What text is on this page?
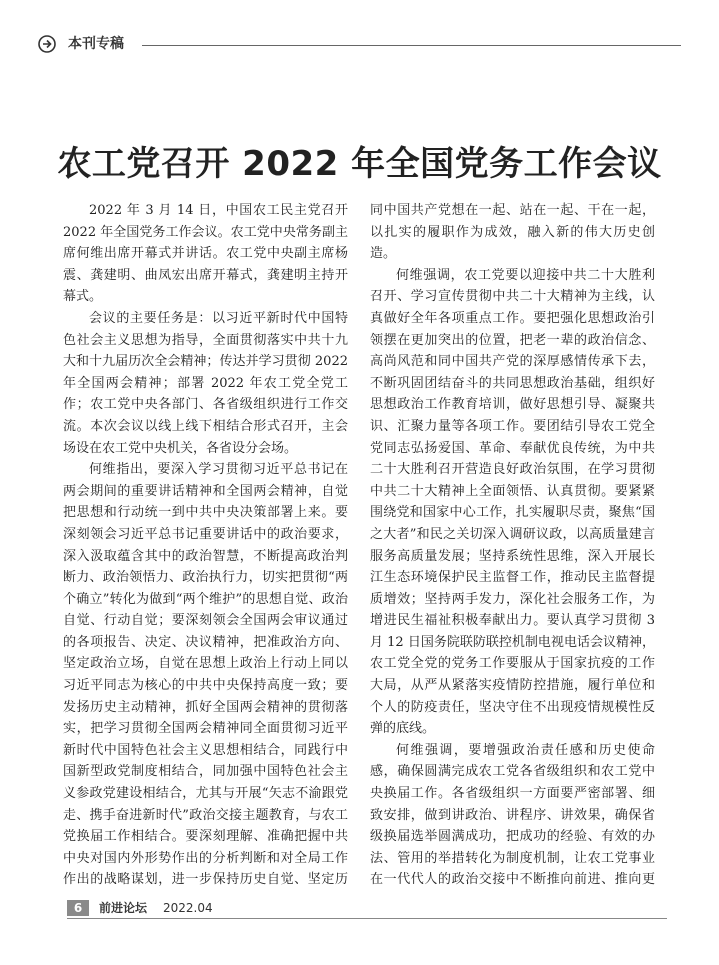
本刊专稿
农工党召开 2022 年全国党务工作会议

2022 年 3 月 14 日，中国农工民主党召开 2022 年全国党务工作会议。农工党中央常务副主席何维出席开幕式并讲话。农工党中央副主席杨震、龚建明、曲凤宏出席开幕式，龚建明主持开幕式。

会议的主要任务是：以习近平新时代中国特色社会主义思想为指导，全面贯彻落实中共十九大和十九届历次全会精神；传达并学习贯彻 2022 年全国两会精神；部署 2022 年农工党全党工作；农工党中央各部门、各省级组织进行工作交流。本次会议以线上线下相结合形式召开，主会场设在农工党中央机关，各省设分会场。

何维指出，要深入学习贯彻习近平总书记在两会期间的重要讲话精神和全国两会精神，自觉把思想和行动统一到中共中央决策部署上来。要深刻领会习近平总书记重要讲话中的政治要求，深入汲取蕴含其中的政治智慧，不断提高政治判断力、政治领悟力、政治执行力，切实把贯彻“两个确立”转化为做到“两个维护”的思想自觉、政治自觉、行动自觉；要深刻领会全国两会审议通过的各项报告、决定、决议精神，把准政治方向、坚定政治立场，自觉在思想上政治上行动上同以习近平同志为核心的中共中央保持高度一致；要发扬历史主动精神，抓好全国两会精神的贯彻落实，把学习贯彻全国两会精神同全面贯彻习近平新时代中国特色社会主义思想相结合，同践行中国新型政党制度相结合，同加强中国特色社会主义参政党建设相结合，尤其与开展“矢志不渝跟党走、携手奋进新时代”政治交接主题教育，与农工党换届工作相结合。要深刻理解、准确把握中共中央对国内外形势作出的分析判断和对全局工作作出的战略谋划，进一步保持历史自觉、坚定历

同中国共产党想在一起、站在一起、干在一起，以扎实的履职作为成效，融入新的伟大历史创造。

何维强调，农工党要以迎接中共二十大胜利召开、学习宣传贯彻中共二十大精神为主线，认真做好全年各项重点工作。要把强化思想政治引领摆在更加突出的位置，把老一辈的政治信念、高尚风范和同中国共产党的深厚感情传承下去，不断巩固团结奋斗的共同思想政治基础，组织好思想政治工作教育培训，做好思想引导、凝聚共识、汇聚力量等各项工作。要团结引导农工党全党同志弘扬爱国、革命、奉献优良传统，为中共二十大胜利召开营造良好政治氛围，在学习贯彻中共二十大精神上全面领悟、认真贯彻。要紧紧围绕党和国家中心工作，扎实履职尽责，聚焦“国之大者”和民之关切深入调研议政，以高质量建言服务高质量发展；坚持系统性思维，深入开展长江生态环境保护民主监督工作，推动民主监督提质增效；坚持两手发力，深化社会服务工作，为增进民生福祉积极奉献出力。要认真学习贯彻 3 月 12 日国务院联防联控机制电视电话会议精神，农工党全党的党务工作要服从于国家抗疫的工作大局，从严从紧落实疫情防控措施，履行单位和个人的防疫责任，坚决守住不出现疫情规模性反弹的底线。

何维强调，要增强政治责任感和历史使命感，确保圆满完成农工党各省级组织和农工党中央换届工作。各省级组织一方面要严密部署、细致安排，做到讲政治、讲程序、讲效果，确保省级换届选举圆满成功，把成功的经验、有效的办法、管用的举措转化为制度机制，让农工党事业在一代代人的政治交接中不断推向前进、推向更

6	前进论坛 2022.04
